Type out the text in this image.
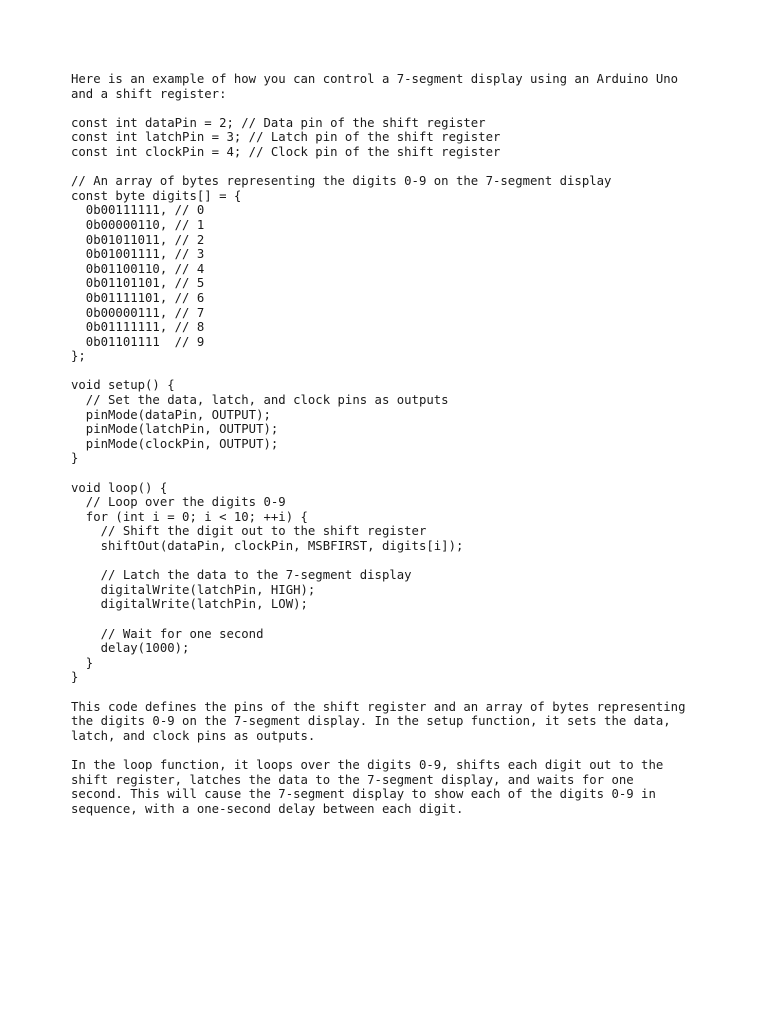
Here is an example of how you can control a 7-segment display using an Arduino Uno
and a shift register:
const int dataPin = 2; // Data pin of the shift register
const int latchPin = 3; // Latch pin of the shift register
const int clockPin = 4; // Clock pin of the shift register
// An array of bytes representing the digits 0-9 on the 7-segment display
const byte digits[] = {
0b00111111, // 0
0b00000110, // 1
0b01011011, // 2
0b01001111, // 3
0b01100110, // 4
0b01101101, // 5
0b01111101, // 6
0b00000111, // 7
0b01111111, // 8
0b01101111  // 9
};
void setup() {
// Set the data, latch, and clock pins as outputs
pinMode(dataPin, OUTPUT);
pinMode(latchPin, OUTPUT);
pinMode(clockPin, OUTPUT);
}
void loop() {
// Loop over the digits 0-9
for (int i = 0; i < 10; ++i) {
// Shift the digit out to the shift register
shiftOut(dataPin, clockPin, MSBFIRST, digits[i]);
// Latch the data to the 7-segment display
digitalWrite(latchPin, HIGH);
digitalWrite(latchPin, LOW);
// Wait for one second
delay(1000);
}
}
This code defines the pins of the shift register and an array of bytes representing
the digits 0-9 on the 7-segment display. In the setup function, it sets the data,
latch, and clock pins as outputs.
In the loop function, it loops over the digits 0-9, shifts each digit out to the
shift register, latches the data to the 7-segment display, and waits for one
second. This will cause the 7-segment display to show each of the digits 0-9 in
sequence, with a one-second delay between each digit.
